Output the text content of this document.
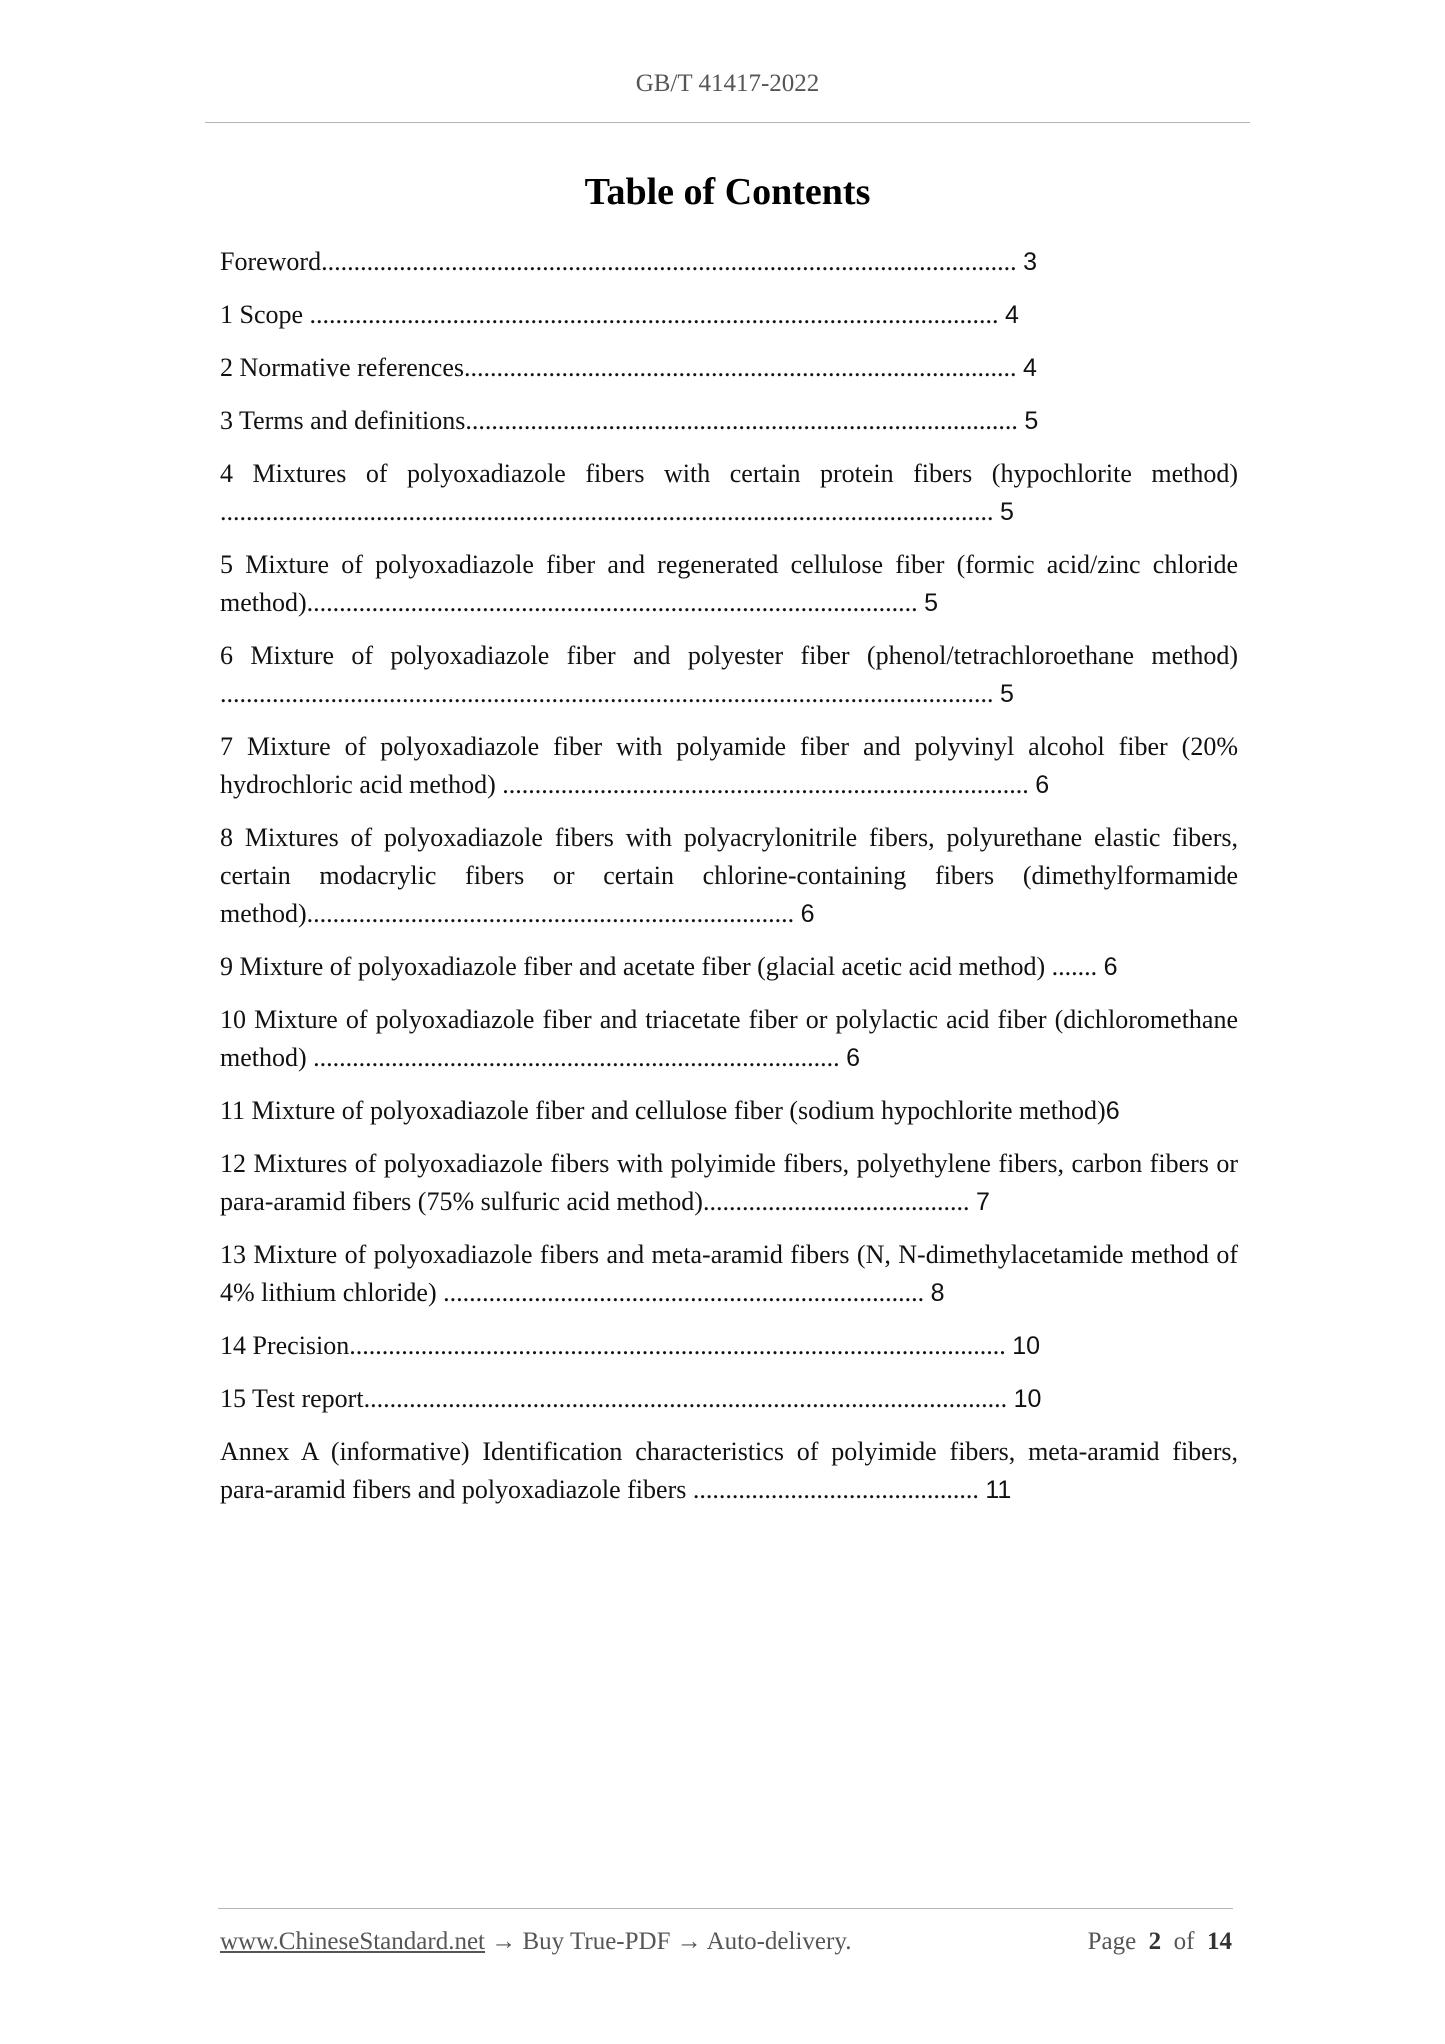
GB/T 41417-2022
Table of Contents
Foreword........................................................................................................... 3
1 Scope .......................................................................................................... 4
2 Normative references..................................................................................... 4
3 Terms and definitions..................................................................................... 5
4 Mixtures of polyoxadiazole fibers with certain protein fibers (hypochlorite method) ....................................................................................................................... 5
5 Mixture of polyoxadiazole fiber and regenerated cellulose fiber (formic acid/zinc chloride method).............................................................................................. 5
6 Mixture of polyoxadiazole fiber and polyester fiber (phenol/tetrachloroethane method) ....................................................................................................................... 5
7 Mixture of polyoxadiazole fiber with polyamide fiber and polyvinyl alcohol fiber (20% hydrochloric acid method) ................................................................................. 6
8 Mixtures of polyoxadiazole fibers with polyacrylonitrile fibers, polyurethane elastic fibers, certain modacrylic fibers or certain chlorine-containing fibers (dimethylformamide method)........................................................................... 6
9 Mixture of polyoxadiazole fiber and acetate fiber (glacial acetic acid method) ....... 6
10 Mixture of polyoxadiazole fiber and triacetate fiber or polylactic acid fiber (dichloromethane method) ................................................................................. 6
11 Mixture of polyoxadiazole fiber and cellulose fiber (sodium hypochlorite method)6
12 Mixtures of polyoxadiazole fibers with polyimide fibers, polyethylene fibers, carbon fibers or para-aramid fibers (75% sulfuric acid method)......................................... 7
13 Mixture of polyoxadiazole fibers and meta-aramid fibers (N, N-dimethylacetamide method of 4% lithium chloride) .......................................................................... 8
14 Precision..................................................................................................... 10
15 Test report................................................................................................... 10
Annex A (informative) Identification characteristics of polyimide fibers, meta-aramid fibers, para-aramid fibers and polyoxadiazole fibers ............................................ 11
www.ChineseStandard.net → Buy True-PDF → Auto-delivery.	Page 2 of 14
